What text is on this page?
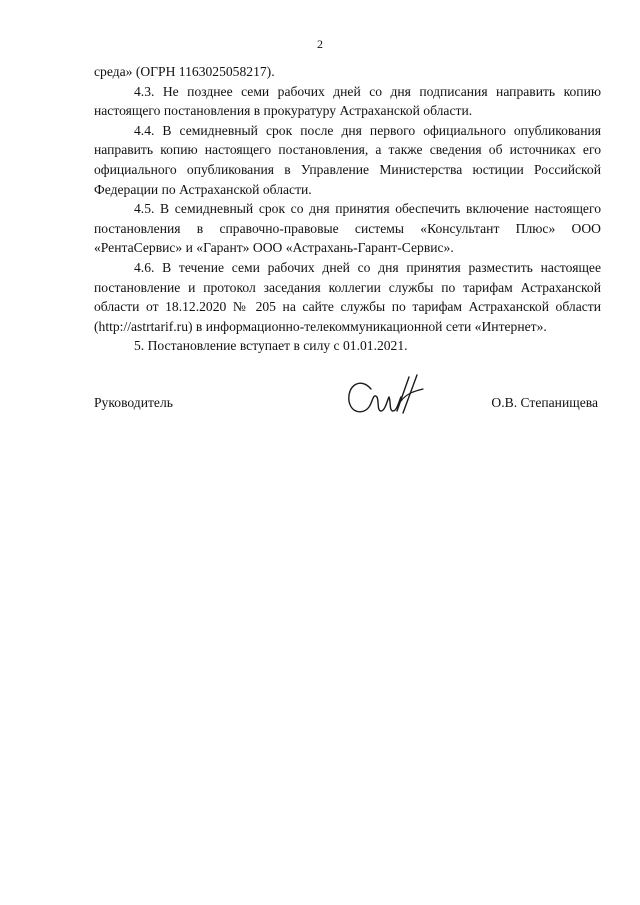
2

среда» (ОГРН 1163025058217).

4.3. Не позднее семи рабочих дней со дня подписания направить копию настоящего постановления в прокуратуру Астраханской области.

4.4. В семидневный срок после дня первого официального опубликования направить копию настоящего постановления, а также сведения об источниках его официального опубликования в Управление Министерства юстиции Российской Федерации по Астраханской области.

4.5. В семидневный срок со дня принятия обеспечить включение настоящего постановления в справочно-правовые системы «Консультант Плюс» ООО «РентаСервис» и «Гарант» ООО «Астрахань-Гарант-Сервис».

4.6. В течение семи рабочих дней со дня принятия разместить настоящее постановление и протокол заседания коллегии службы по тарифам Астраханской области от 18.12.2020 № 205 на сайте службы по тарифам Астраханской области (http://astrtarif.ru) в информационно-телекоммуникационной сети «Интернет».

5. Постановление вступает в силу с 01.01.2021.

Руководитель	О.В. Степанищева
